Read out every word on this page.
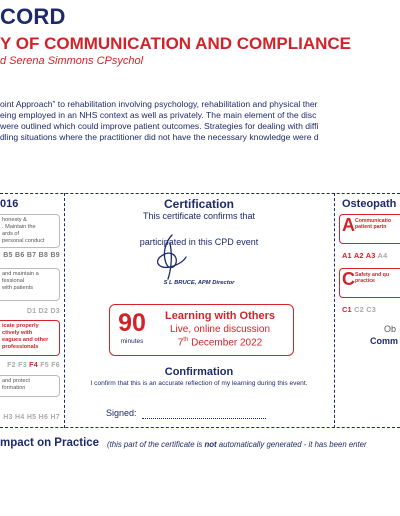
CORD
Y OF COMMUNICATION AND COMPLIANCE
d Serena Simmons CPsychol
oint Approach” to rehabilitation involving psychology, rehabilitation and physical ther
eing employed in an NHS context as well as privately. The main element of the disc
were outlined which could improve patient outcomes. Strategies for dealing with diffi
dling situations where the practitioner did not have the necessary knowledge were d
016
honesty &
. Maintain the
ards of
personal conduct
B5 B6 B7 B8 B9
and maintain a
fessional
with patients
D1 D2 D3
icate properly
ctively with
eagues and other
professionals
F2 F3 F4 F5 F6
and protect
formation
H3 H4 H5 H6 H7
Certification
This certificate confirms that
participated in this CPD event
S L BRUCE, APM Director
90
minutes
Learning with Others
Live, online discussion
7th December 2022
Confirmation
I confirm that this is an accurate reflection of my learning during this event.
Signed:
Osteopath
A Communicatio
patient partn
A1 A2 A3 A4
C Safety and qu
practice
C1 C2 C3
Ob
Comm
mpact on Practice (this part of the certificate is not automatically generated - it has been enter
